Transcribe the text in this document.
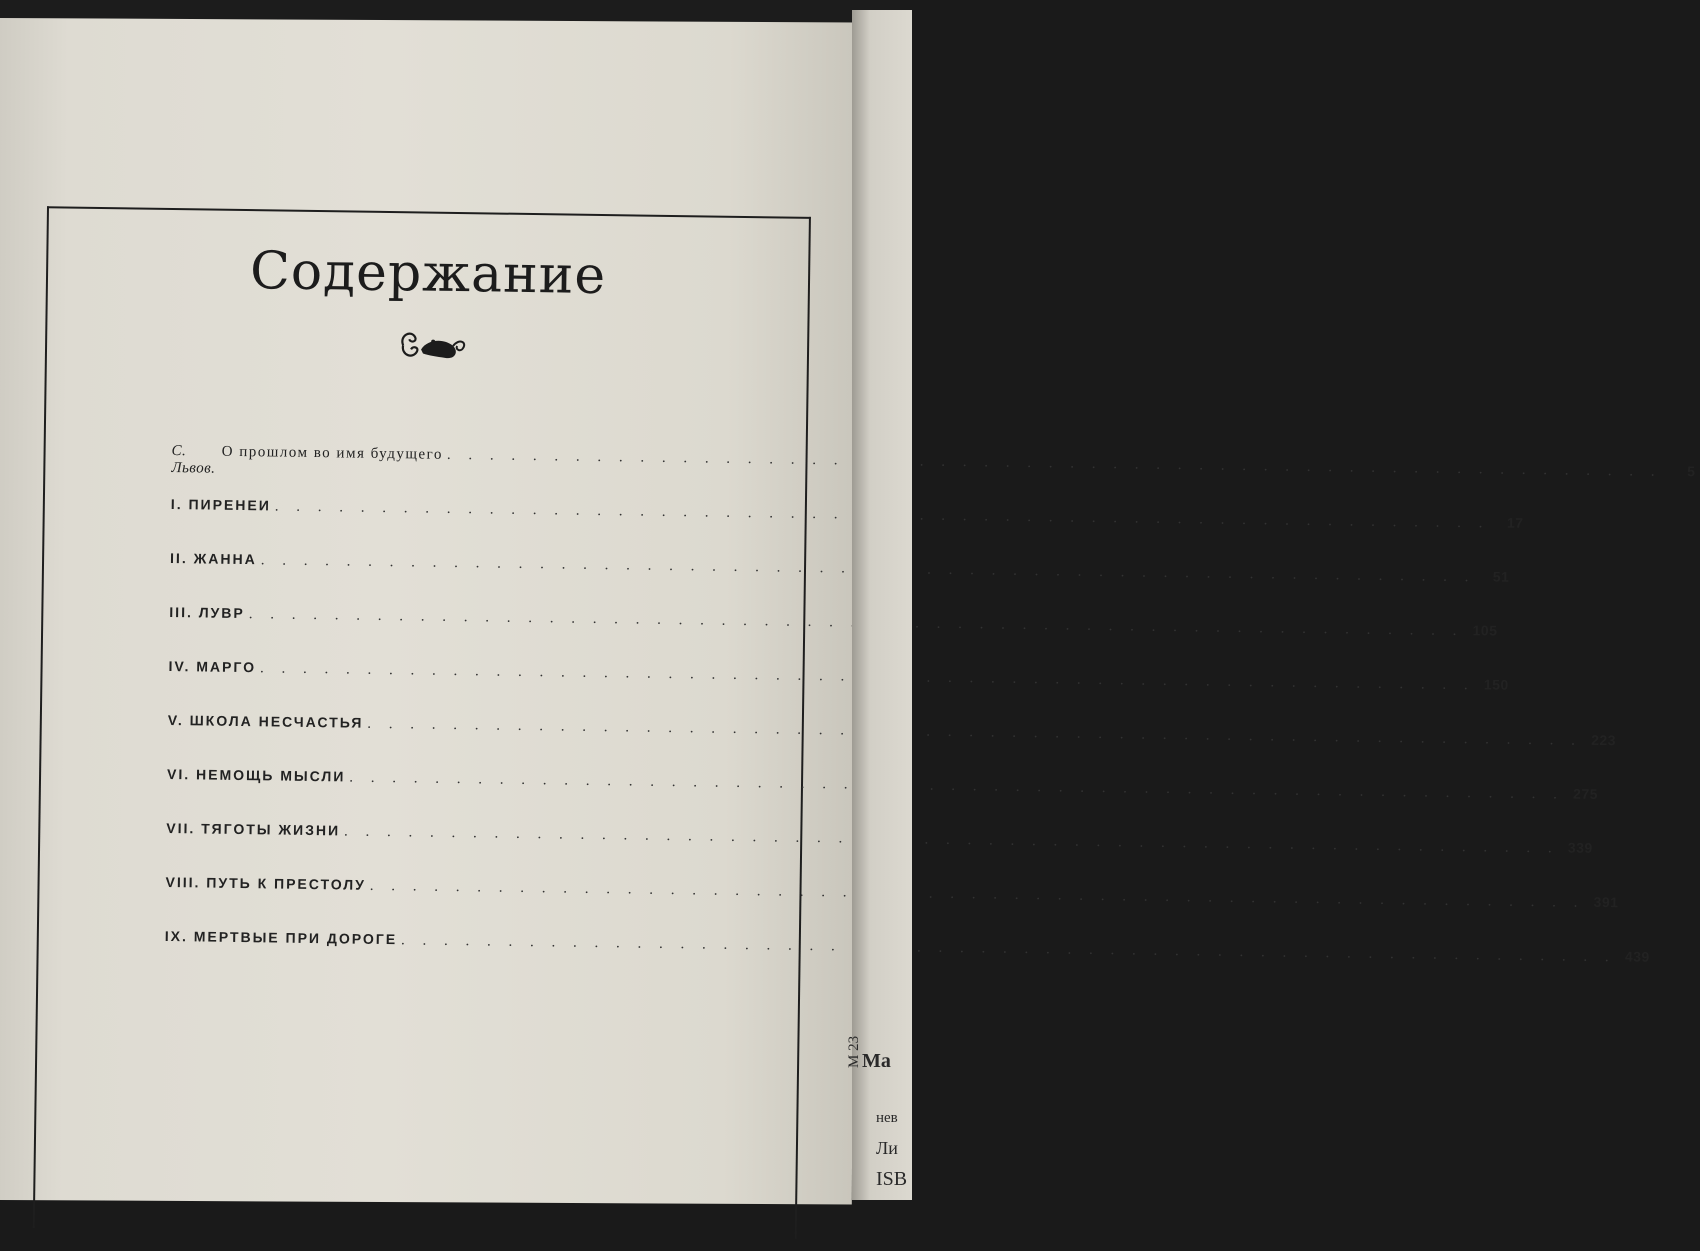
Содержание
С. Львов.
О прошлом во имя будущего
. . .
5
I. ПИРЕНЕИ
. . .
17
II. ЖАННА
. . .
51
III. ЛУВР
. . .
105
IV. МАРГО
. . .
150
V. ШКОЛА НЕСЧАСТЬЯ
. . .
223
VI. НЕМОЩЬ МЫСЛИ
. . .
275
VII. ТЯГОТЫ ЖИЗНИ
. . .
339
VIII. ПУТЬ К ПРЕСТОЛУ
. . .
391
IX. МЕРТВЫЕ ПРИ ДОРОГЕ
. . .
439
Ма
М 23
нев
Ли
ISB
